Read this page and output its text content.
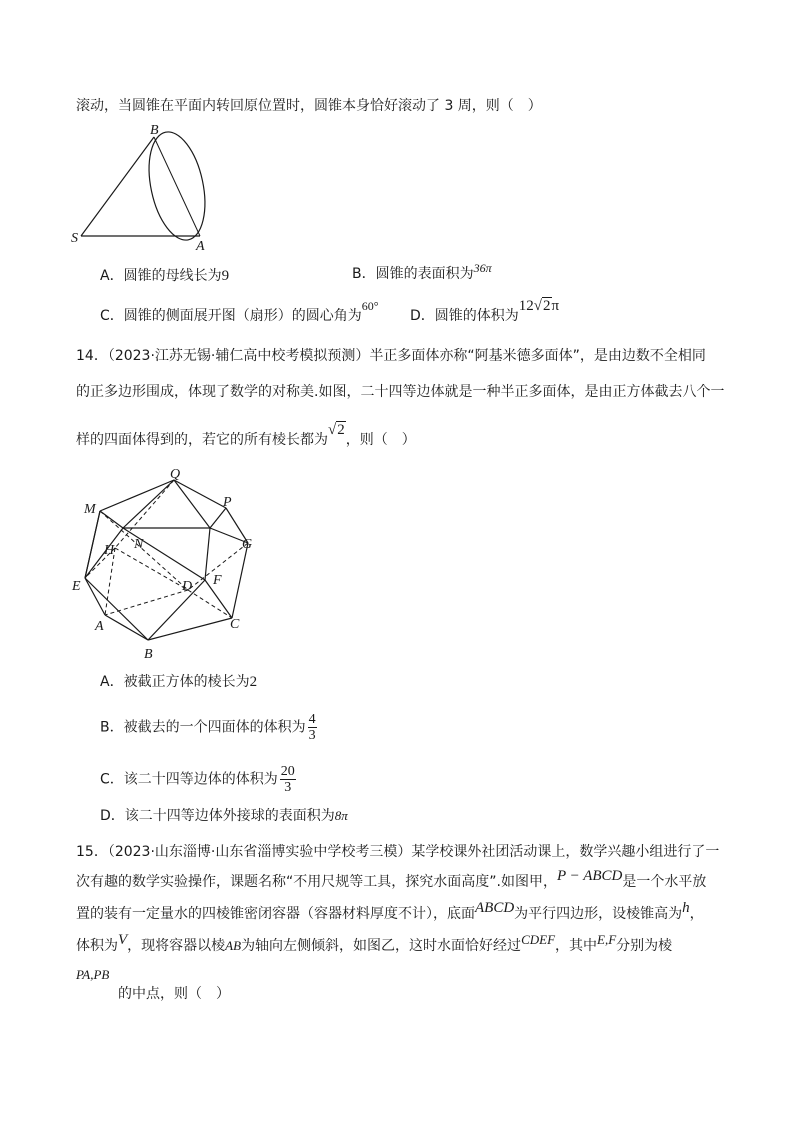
滚动，当圆锥在平面内转回原位置时，圆锥本身恰好滚动了 3 周，则（　）
B
S
A
A．圆锥的母线长为9	B．圆锥的表面积为36π
C．圆锥的侧面展开图（扇形）的圆心角为60°
D．圆锥的体积为12√2π
14．（2023·江苏无锡·辅仁高中校考模拟预测）半正多面体亦称“阿基米德多面体”，是由边数不全相同
的正多边形围成，体现了数学的对称美.如图，二十四等边体就是一种半正多面体，是由正方体截去八个一
样的四面体得到的，若它的所有棱长都为√2，则（　）
Q
M	P
G
H N
D F
E
A	C
B
A．被截正方体的棱长为2
B．被截去的一个四面体的体积为 $\frac{4}{3}$
C．该二十四等边体的体积为 $\frac{20}{3}$
D．该二十四等边体外接球的表面积为8π
15．（2023·山东淄博·山东省淄博实验中学校考三模）某学校课外社团活动课上，数学兴趣小组进行了一
次有趣的数学实验操作，课题名称“不用尺规等工具，探究水面高度”.如图甲，P − ABCD是一个水平放
置的装有一定量水的四棱锥密闭容器（容器材料厚度不计），底面ABCD为平行四边形，设棱锥高为h，
体积为V，现将容器以棱AB为轴向左侧倾斜，如图乙，这时水面恰好经过CDEF，其中E,F分别为棱
PA,PB
的中点，则（　）
